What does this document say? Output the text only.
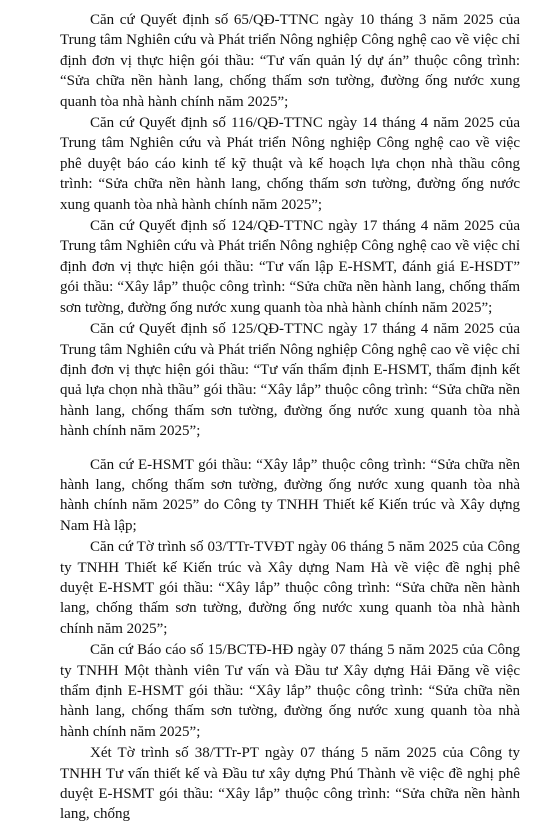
Căn cứ Quyết định số 65/QĐ-TTNC ngày 10 tháng 3 năm 2025 của Trung tâm Nghiên cứu và Phát triển Nông nghiệp Công nghệ cao về việc chỉ định đơn vị thực hiện gói thầu: “Tư vấn quản lý dự án” thuộc công trình: “Sửa chữa nền hành lang, chống thấm sơn tường, đường ống nước xung quanh tòa nhà hành chính năm 2025”;

Căn cứ Quyết định số 116/QĐ-TTNC ngày 14 tháng 4 năm 2025 của Trung tâm Nghiên cứu và Phát triển Nông nghiệp Công nghệ cao về việc phê duyệt báo cáo kinh tế kỹ thuật và kế hoạch lựa chọn nhà thầu công trình: “Sửa chữa nền hành lang, chống thấm sơn tường, đường ống nước xung quanh tòa nhà hành chính năm 2025”;

Căn cứ Quyết định số 124/QĐ-TTNC ngày 17 tháng 4 năm 2025 của Trung tâm Nghiên cứu và Phát triển Nông nghiệp Công nghệ cao về việc chỉ định đơn vị thực hiện gói thầu: “Tư vấn lập E-HSMT, đánh giá E-HSDT” gói thầu: “Xây lắp” thuộc công trình: “Sửa chữa nền hành lang, chống thấm sơn tường, đường ống nước xung quanh tòa nhà hành chính năm 2025”;

Căn cứ Quyết định số 125/QĐ-TTNC ngày 17 tháng 4 năm 2025 của Trung tâm Nghiên cứu và Phát triển Nông nghiệp Công nghệ cao về việc chỉ định đơn vị thực hiện gói thầu: “Tư vấn thẩm định E-HSMT, thẩm định kết quả lựa chọn nhà thầu” gói thầu: “Xây lắp” thuộc công trình: “Sửa chữa nền hành lang, chống thấm sơn tường, đường ống nước xung quanh tòa nhà hành chính năm 2025”;

Căn cứ E-HSMT gói thầu: “Xây lắp” thuộc công trình: “Sửa chữa nền hành lang, chống thấm sơn tường, đường ống nước xung quanh tòa nhà hành chính năm 2025” do Công ty TNHH Thiết kế Kiến trúc và Xây dựng Nam Hà lập;

Căn cứ Tờ trình số 03/TTr-TVĐT ngày 06 tháng 5 năm 2025 của Công ty TNHH Thiết kế Kiến trúc và Xây dựng Nam Hà về việc đề nghị phê duyệt E-HSMT gói thầu: “Xây lắp” thuộc công trình: “Sửa chữa nền hành lang, chống thấm sơn tường, đường ống nước xung quanh tòa nhà hành chính năm 2025”;

Căn cứ Báo cáo số 15/BCTĐ-HĐ ngày 07 tháng 5 năm 2025 của Công ty TNHH Một thành viên Tư vấn và Đầu tư Xây dựng Hải Đăng về việc thẩm định E-HSMT gói thầu: “Xây lắp” thuộc công trình: “Sửa chữa nền hành lang, chống thấm sơn tường, đường ống nước xung quanh tòa nhà hành chính năm 2025”;

Xét Tờ trình số 38/TTr-PT ngày 07 tháng 5 năm 2025 của Công ty TNHH Tư vấn thiết kế và Đầu tư xây dựng Phú Thành về việc đề nghị phê duyệt E-HSMT gói thầu: “Xây lắp” thuộc công trình: “Sửa chữa nền hành lang, chống
